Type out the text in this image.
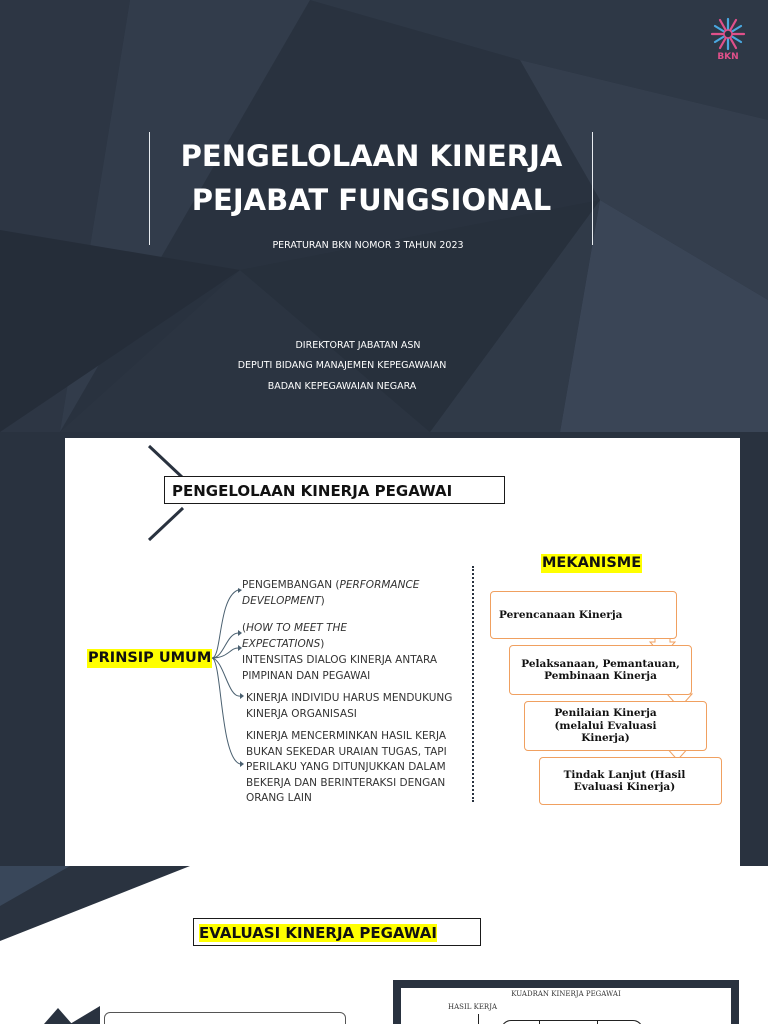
BKN
PENGELOLAAN KINERJA
PEJABAT FUNGSIONAL
PERATURAN BKN NOMOR 3 TAHUN 2023
DIREKTORAT JABATAN ASN
DEPUTI BIDANG MANAJEMEN KEPEGAWAIAN
BADAN KEPEGAWAIAN NEGARA
PENGELOLAAN KINERJA PEGAWAI
PRINSIP UMUM
PENGEMBANGAN (PERFORMANCE DEVELOPMENT)
(HOW TO MEET THE EXPECTATIONS)
INTENSITAS DIALOG KINERJA ANTARA PIMPINAN DAN PEGAWAI
KINERJA INDIVIDU HARUS MENDUKUNG KINERJA ORGANISASI
KINERJA MENCERMINKAN HASIL KERJA BUKAN SEKEDAR URAIAN TUGAS, TAPI PERILAKU YANG DITUNJUKKAN DALAM BEKERJA DAN BERINTERAKSI DENGAN ORANG LAIN
MEKANISME
Perencanaan Kinerja
Pelaksanaan, Pemantauan, Pembinaan Kinerja
Penilaian Kinerja (melalui Evaluasi Kinerja)
Tindak Lanjut (Hasil Evaluasi Kinerja)
EVALUASI KINERJA PEGAWAI
KUADRAN KINERJA PEGAWAI
HASIL KERJA
